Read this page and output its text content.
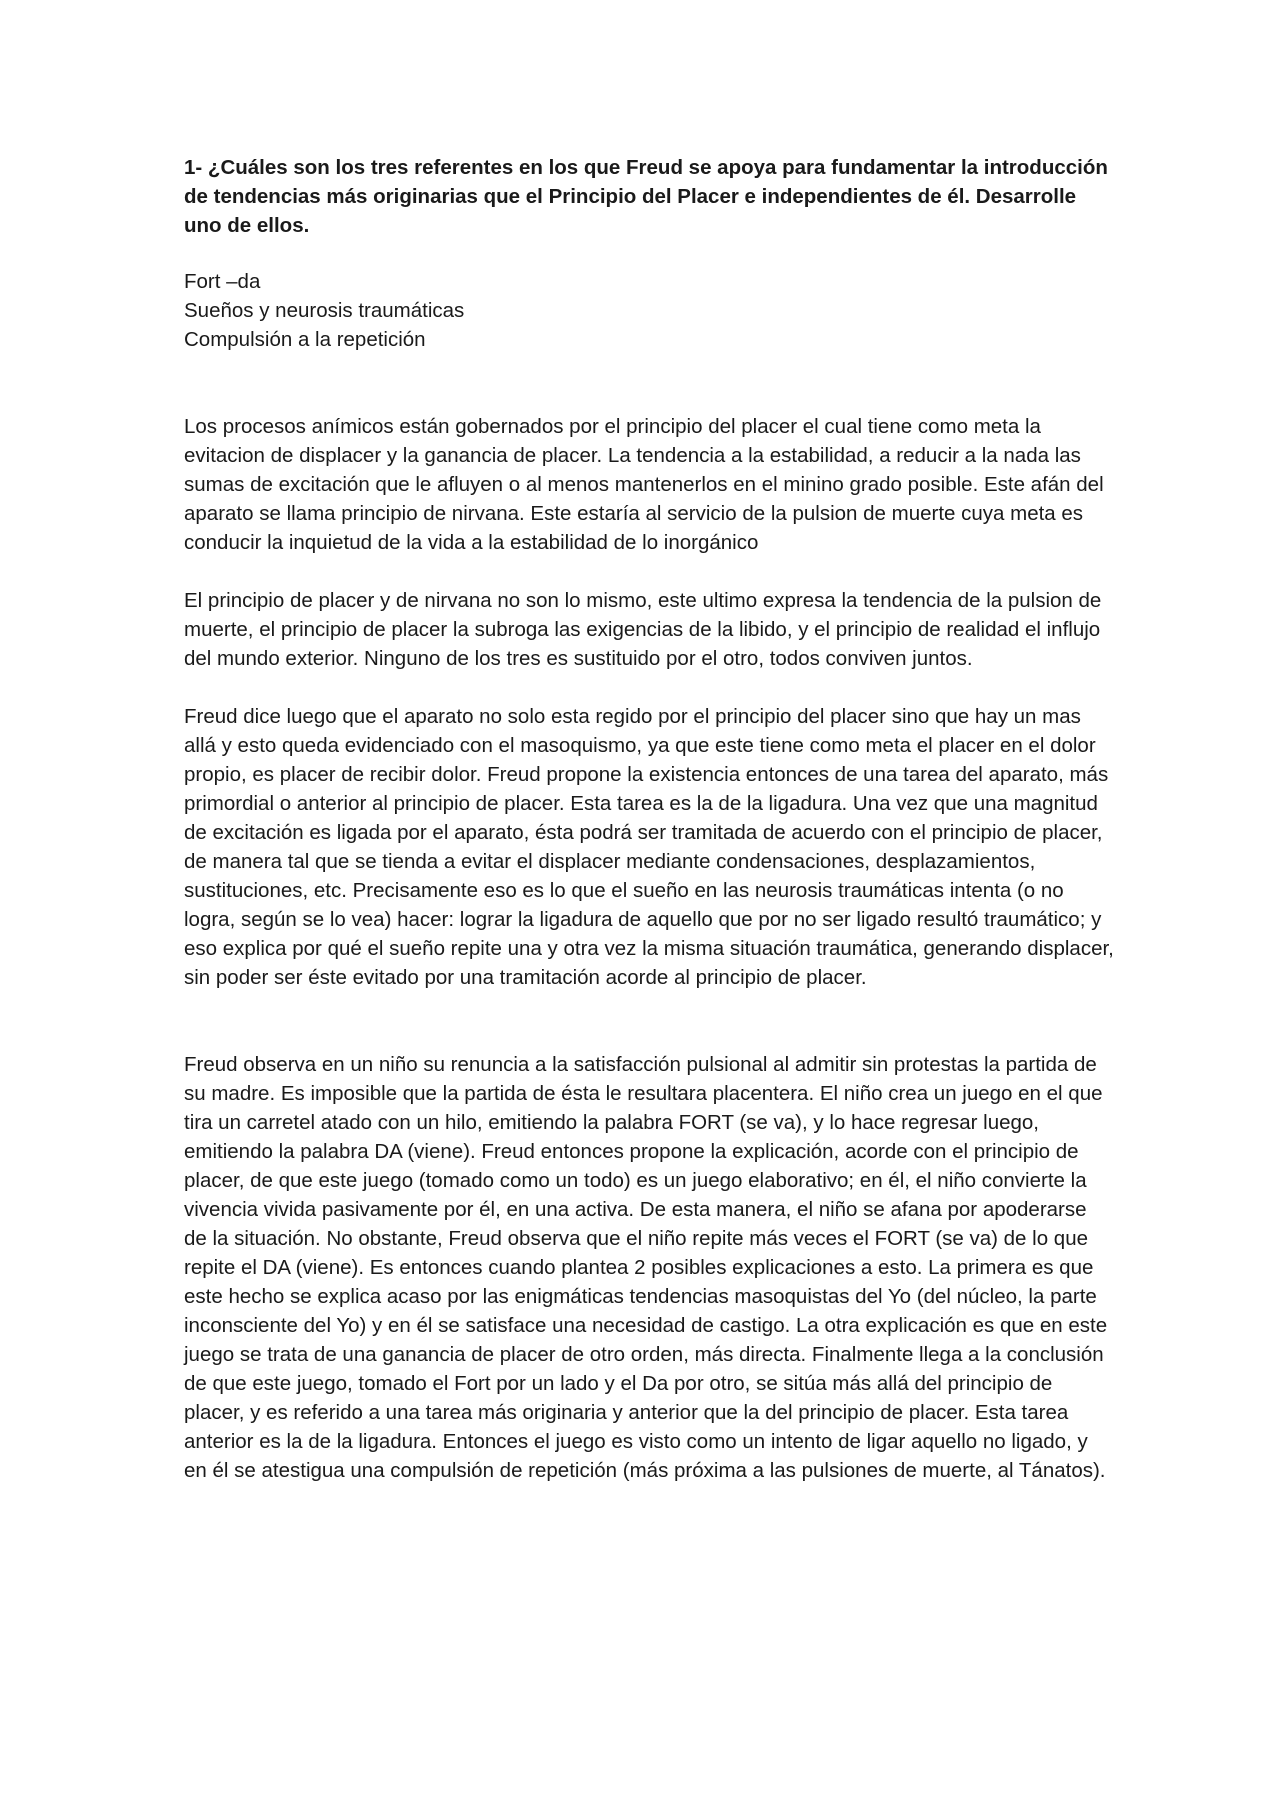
1- ¿Cuáles son los tres referentes en los que Freud se apoya para fundamentar la introducción de tendencias más originarias que el Principio del Placer e independientes de él. Desarrolle uno de ellos.

Fort –da
Sueños y neurosis traumáticas
Compulsión a la repetición

Los procesos anímicos están gobernados por el principio del placer el cual tiene como meta la evitacion de displacer y la ganancia de placer. La tendencia a la estabilidad, a reducir a la nada las sumas de excitación que le afluyen o al menos mantenerlos en el minino grado posible. Este afán del aparato se llama principio de nirvana. Este estaría al servicio de la pulsion de muerte cuya meta es conducir la inquietud de la vida a la estabilidad de lo inorgánico

El principio de placer y de nirvana no son lo mismo, este ultimo expresa la tendencia de la pulsion de muerte, el principio de placer la subroga las exigencias de la libido, y el principio de realidad el influjo del mundo exterior. Ninguno de los tres es sustituido por el otro, todos conviven juntos.

Freud dice luego que el aparato no solo esta regido por el principio del placer sino que hay un mas allá y esto queda evidenciado con el masoquismo, ya que este tiene como meta el placer en el dolor propio, es placer de recibir dolor. Freud propone la existencia entonces de una tarea del aparato, más primordial o anterior al principio de placer. Esta tarea es la de la ligadura. Una vez que una magnitud de excitación es ligada por el aparato, ésta podrá ser tramitada de acuerdo con el principio de placer, de manera tal que se tienda a evitar el displacer mediante condensaciones, desplazamientos, sustituciones, etc. Precisamente eso es lo que el sueño en las neurosis traumáticas intenta (o no logra, según se lo vea) hacer: lograr la ligadura de aquello que por no ser ligado resultó traumático; y eso explica por qué el sueño repite una y otra vez la misma situación traumática, generando displacer, sin poder ser éste evitado por una tramitación acorde al principio de placer.

Freud observa en un niño su renuncia a la satisfacción pulsional al admitir sin protestas la partida de su madre. Es imposible que la partida de ésta le resultara placentera. El niño crea un juego en el que tira un carretel atado con un hilo, emitiendo la palabra FORT (se va), y lo hace regresar luego, emitiendo la palabra DA (viene). Freud entonces propone la explicación, acorde con el principio de placer, de que este juego (tomado como un todo) es un juego elaborativo; en él, el niño convierte la vivencia vivida pasivamente por él, en una activa. De esta manera, el niño se afana por apoderarse de la situación. No obstante, Freud observa que el niño repite más veces el FORT (se va) de lo que repite el DA (viene). Es entonces cuando plantea 2 posibles explicaciones a esto. La primera es que este hecho se explica acaso por las enigmáticas tendencias masoquistas del Yo (del núcleo, la parte inconsciente del Yo) y en él se satisface una necesidad de castigo. La otra explicación es que en este juego se trata de una ganancia de placer de otro orden, más directa. Finalmente llega a la conclusión de que este juego, tomado el Fort por un lado y el Da por otro, se sitúa más allá del principio de placer, y es referido a una tarea más originaria y anterior que la del principio de placer. Esta tarea anterior es la de la ligadura. Entonces el juego es visto como un intento de ligar aquello no ligado, y en él se atestigua una compulsión de repetición (más próxima a las pulsiones de muerte, al Tánatos).
